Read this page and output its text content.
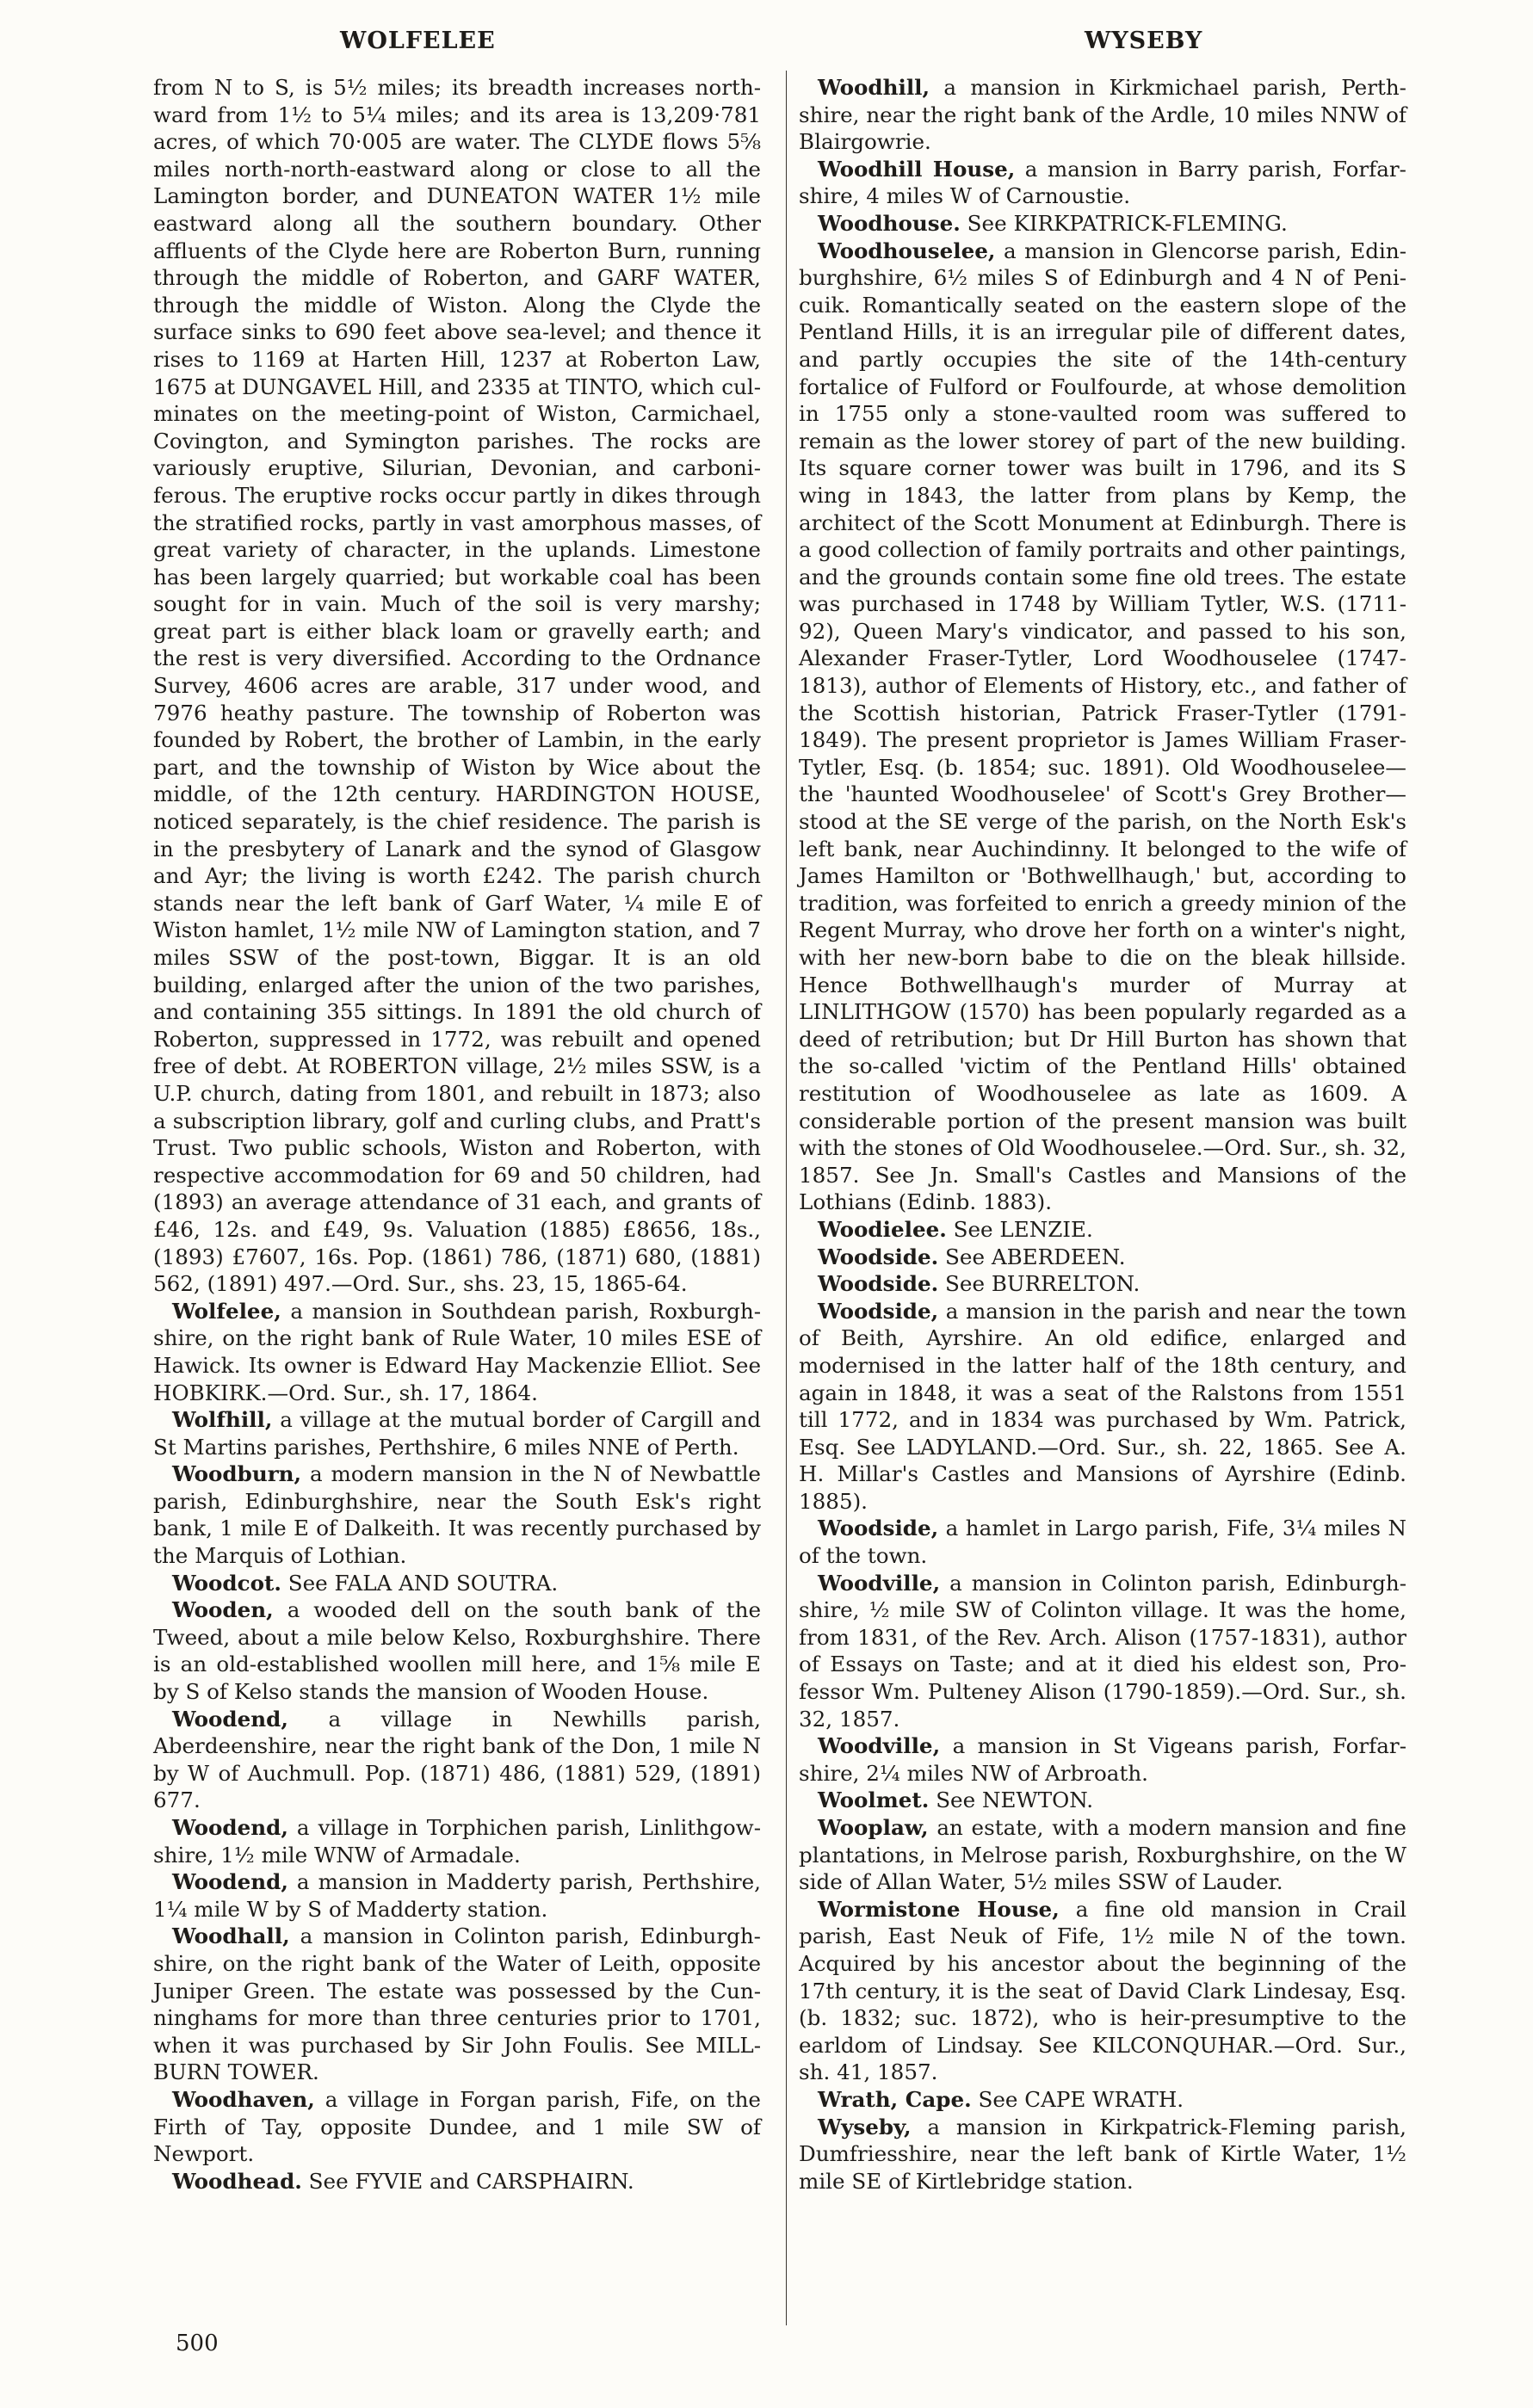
WOLFELEE	WYSEBY

from N to S, is 5½ miles; its breadth increases northward from 1½ to 5¼ miles; and its area is 13,209·781 acres, of which 70·005 are water. The CLYDE flows 5⅝ miles north-north-eastward along or close to all the Lamington border, and DUNEATON WATER 1½ mile eastward along all the southern boundary. Other affluents of the Clyde here are Roberton Burn, running through the middle of Roberton, and GARF WATER, through the middle of Wiston. Along the Clyde the surface sinks to 690 feet above sea-level; and thence it rises to 1169 at Harten Hill, 1237 at Roberton Law, 1675 at DUNGAVEL Hill, and 2335 at TINTO, which culminates on the meeting-point of Wiston, Carmichael, Covington, and Symington parishes. The rocks are variously eruptive, Silurian, Devonian, and carboniferous. The eruptive rocks occur partly in dikes through the stratified rocks, partly in vast amorphous masses, of great variety of character, in the uplands. Limestone has been largely quarried; but workable coal has been sought for in vain. Much of the soil is very marshy; great part is either black loam or gravelly earth; and the rest is very diversified. According to the Ordnance Survey, 4606 acres are arable, 317 under wood, and 7976 heathy pasture. The township of Roberton was founded by Robert, the brother of Lambin, in the early part, and the township of Wiston by Wice about the middle, of the 12th century. HARDINGTON HOUSE, noticed separately, is the chief residence. The parish is in the presbytery of Lanark and the synod of Glasgow and Ayr; the living is worth £242. The parish church stands near the left bank of Garf Water, ¼ mile E of Wiston hamlet, 1½ mile NW of Lamington station, and 7 miles SSW of the post-town, Biggar. It is an old building, enlarged after the union of the two parishes, and containing 355 sittings. In 1891 the old church of Roberton, suppressed in 1772, was rebuilt and opened free of debt. At ROBERTON village, 2½ miles SSW, is a U.P. church, dating from 1801, and rebuilt in 1873; also a subscription library, golf and curling clubs, and Pratt's Trust. Two public schools, Wiston and Roberton, with respective accommodation for 69 and 50 children, had (1893) an average attendance of 31 each, and grants of £46, 12s. and £49, 9s. Valuation (1885) £8656, 18s., (1893) £7607, 16s. Pop. (1861) 786, (1871) 680, (1881) 562, (1891) 497.—Ord. Sur., shs. 23, 15, 1865-64.

Wolfelee, a mansion in Southdean parish, Roxburghshire, on the right bank of Rule Water, 10 miles ESE of Hawick. Its owner is Edward Hay Mackenzie Elliot. See HOBKIRK.—Ord. Sur., sh. 17, 1864.

Wolfhill, a village at the mutual border of Cargill and St Martins parishes, Perthshire, 6 miles NNE of Perth.

Woodburn, a modern mansion in the N of Newbattle parish, Edinburghshire, near the South Esk's right bank, 1 mile E of Dalkeith. It was recently purchased by the Marquis of Lothian.

Woodcot. See FALA AND SOUTRA.

Wooden, a wooded dell on the south bank of the Tweed, about a mile below Kelso, Roxburghshire. There is an old-established woollen mill here, and 1⅝ mile E by S of Kelso stands the mansion of Wooden House.

Woodend, a village in Newhills parish, Aberdeenshire, near the right bank of the Don, 1 mile N by W of Auchmull. Pop. (1871) 486, (1881) 529, (1891) 677.

Woodend, a village in Torphichen parish, Linlithgowshire, 1½ mile WNW of Armadale.

Woodend, a mansion in Madderty parish, Perthshire, 1¼ mile W by S of Madderty station.

Woodhall, a mansion in Colinton parish, Edinburghshire, on the right bank of the Water of Leith, opposite Juniper Green. The estate was possessed by the Cunninghams for more than three centuries prior to 1701, when it was purchased by Sir John Foulis. See MILLBURN TOWER.

Woodhaven, a village in Forgan parish, Fife, on the Firth of Tay, opposite Dundee, and 1 mile SW of Newport.

Woodhead. See FYVIE and CARSPHAIRN.

Woodhill, a mansion in Kirkmichael parish, Perthshire, near the right bank of the Ardle, 10 miles NNW of Blairgowrie.

Woodhill House, a mansion in Barry parish, Forfarshire, 4 miles W of Carnoustie.

Woodhouse. See KIRKPATRICK-FLEMING.

Woodhouselee, a mansion in Glencorse parish, Edinburghshire, 6½ miles S of Edinburgh and 4 N of Penicuik. Romantically seated on the eastern slope of the Pentland Hills, it is an irregular pile of different dates, and partly occupies the site of the 14th-century fortalice of Fulford or Foulfourde, at whose demolition in 1755 only a stone-vaulted room was suffered to remain as the lower storey of part of the new building. Its square corner tower was built in 1796, and its S wing in 1843, the latter from plans by Kemp, the architect of the Scott Monument at Edinburgh. There is a good collection of family portraits and other paintings, and the grounds contain some fine old trees. The estate was purchased in 1748 by William Tytler, W.S. (1711-92), Queen Mary's vindicator, and passed to his son, Alexander Fraser-Tytler, Lord Woodhouselee (1747-1813), author of Elements of History, etc., and father of the Scottish historian, Patrick Fraser-Tytler (1791-1849). The present proprietor is James William Fraser-Tytler, Esq. (b. 1854; suc. 1891). Old Woodhouselee—the 'haunted Woodhouselee' of Scott's Grey Brother—stood at the SE verge of the parish, on the North Esk's left bank, near Auchindinny. It belonged to the wife of James Hamilton or 'Bothwellhaugh,' but, according to tradition, was forfeited to enrich a greedy minion of the Regent Murray, who drove her forth on a winter's night, with her new-born babe to die on the bleak hillside. Hence Bothwellhaugh's murder of Murray at LINLITHGOW (1570) has been popularly regarded as a deed of retribution; but Dr Hill Burton has shown that the so-called 'victim of the Pentland Hills' obtained restitution of Woodhouselee as late as 1609. A considerable portion of the present mansion was built with the stones of Old Woodhouselee.—Ord. Sur., sh. 32, 1857. See Jn. Small's Castles and Mansions of the Lothians (Edinb. 1883).

Woodielee. See LENZIE.

Woodside. See ABERDEEN.

Woodside. See BURRELTON.

Woodside, a mansion in the parish and near the town of Beith, Ayrshire. An old edifice, enlarged and modernised in the latter half of the 18th century, and again in 1848, it was a seat of the Ralstons from 1551 till 1772, and in 1834 was purchased by Wm. Patrick, Esq. See LADYLAND.—Ord. Sur., sh. 22, 1865. See A. H. Millar's Castles and Mansions of Ayrshire (Edinb. 1885).

Woodside, a hamlet in Largo parish, Fife, 3¼ miles N of the town.

Woodville, a mansion in Colinton parish, Edinburghshire, ½ mile SW of Colinton village. It was the home, from 1831, of the Rev. Arch. Alison (1757-1831), author of Essays on Taste; and at it died his eldest son, Professor Wm. Pulteney Alison (1790-1859).—Ord. Sur., sh. 32, 1857.

Woodville, a mansion in St Vigeans parish, Forfarshire, 2¼ miles NW of Arbroath.

Woolmet. See NEWTON.

Wooplaw, an estate, with a modern mansion and fine plantations, in Melrose parish, Roxburghshire, on the W side of Allan Water, 5½ miles SSW of Lauder.

Wormistone House, a fine old mansion in Crail parish, East Neuk of Fife, 1½ mile N of the town. Acquired by his ancestor about the beginning of the 17th century, it is the seat of David Clark Lindesay, Esq. (b. 1832; suc. 1872), who is heir-presumptive to the earldom of Lindsay. See KILCONQUHAR.—Ord. Sur., sh. 41, 1857.

Wrath, Cape. See CAPE WRATH.

Wyseby, a mansion in Kirkpatrick-Fleming parish, Dumfriesshire, near the left bank of Kirtle Water, 1½ mile SE of Kirtlebridge station.

500
